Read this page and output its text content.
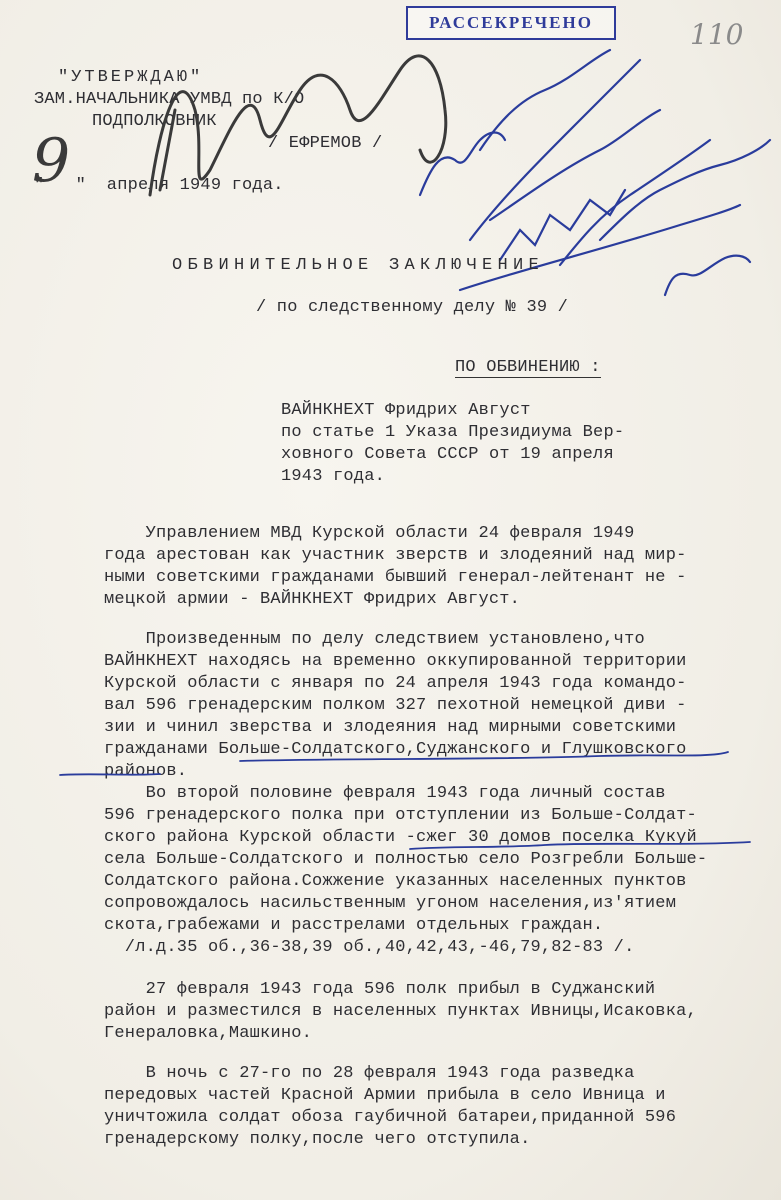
РАССЕКРЕЧЕНО	110
"УТВЕРЖДАЮ"
ЗАМ.НАЧАЛЬНИКА УМВД по К/О
ПОДПОЛКОВНИК
/ ЕФРЕМОВ /
"   "  апреля 1949 года.
9
ОБВИНИТЕЛЬНОЕ ЗАКЛЮЧЕНИЕ
/ по следственному делу № 39 /
ПО ОБВИНЕНИЮ :
ВАЙНКНЕХТ Фридрих Август
по статье 1 Указа Президиума Вер-
ховного Совета СССР от 19 апреля
1943 года.
Управлением МВД Курской области 24 февраля 1949
года арестован как участник зверств и злодеяний над мир-
ными советскими гражданами бывший генерал-лейтенант не -
мецкой армии - ВАЙНКНЕХТ Фридрих Август.
Произведенным по делу следствием установлено,что
ВАЙНКНЕХТ находясь на временно оккупированной территории
Курской области с января по 24 апреля 1943 года командо-
вал 596 гренадерским полком 327 пехотной немецкой диви -
зии и чинил зверства и злодеяния над мирными советскими
гражданами Больше-Солдатского,Суджанского и Глушковского
районов.
Во второй половине февраля 1943 года личный состав
596 гренадерского полка при отступлении из Больше-Солдат-
ского района Курской области -сжег 30 домов поселка Кукуй
села Больше-Солдатского и полностью село Розгребли Больше-
Солдатского района.Сожжение указанных населенных пунктов
сопровождалось насильственным угоном населения,из'ятием
скота,грабежами и расстрелами отдельных граждан.
/л.д.35 об.,36-38,39 об.,40,42,43,-46,79,82-83 /.
27 февраля 1943 года 596 полк прибыл в Суджанский
район и разместился в населенных пунктах Ивницы,Исаковка,
Генераловка,Машкино.
В ночь с 27-го по 28 февраля 1943 года разведка
передовых частей Красной Армии прибыла в село Ивница и
уничтожила солдат обоза гаубичной батареи,приданной 596
гренадерскому полку,после чего отступила.
